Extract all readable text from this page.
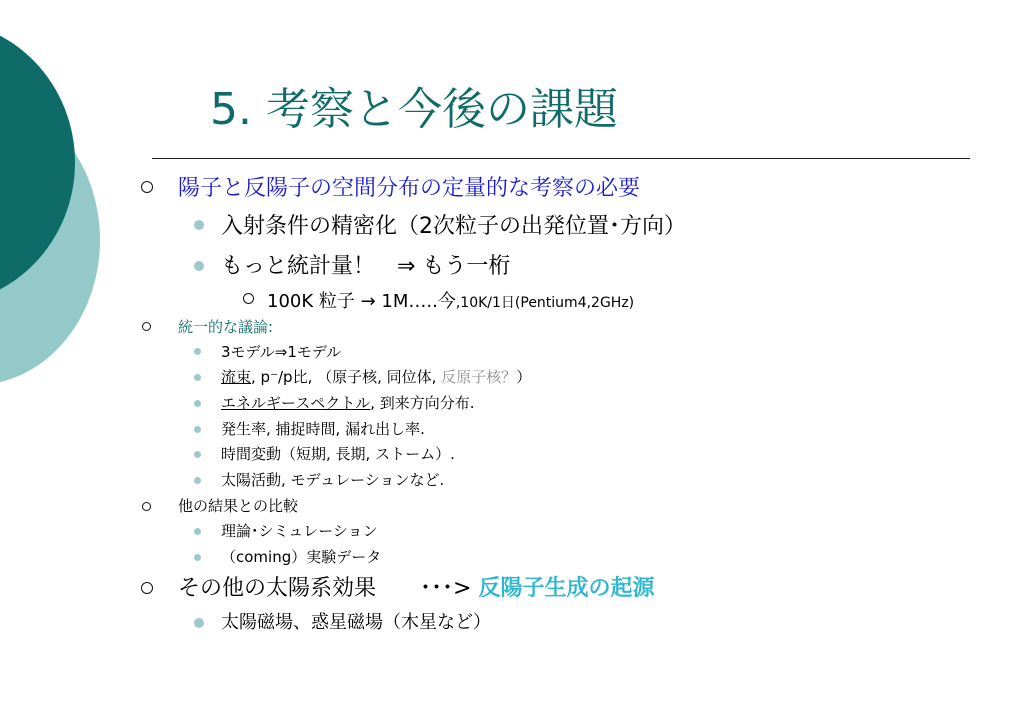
5. 考察と今後の課題
陽子と反陽子の空間分布の定量的な考察の必要
入射条件の精密化（2次粒子の出発位置･方向）
もっと統計量！　⇒ もう一桁
100K 粒子 → 1M…..今,10K/1日(Pentium4,2GHz)
統一的な議論:
3モデル⇒1モデル
流束, p⁻/p比, （原子核, 同位体, 反原子核？）
エネルギースペクトル, 到来方向分布.
発生率, 捕捉時間, 漏れ出し率.
時間変動（短期, 長期, ストーム）.
太陽活動, モデュレーションなど.
他の結果との比較
理論･シミュレーション
（coming）実験データ
その他の太陽系効果　　･･･> 反陽子生成の起源
太陽磁場、惑星磁場（木星など）
